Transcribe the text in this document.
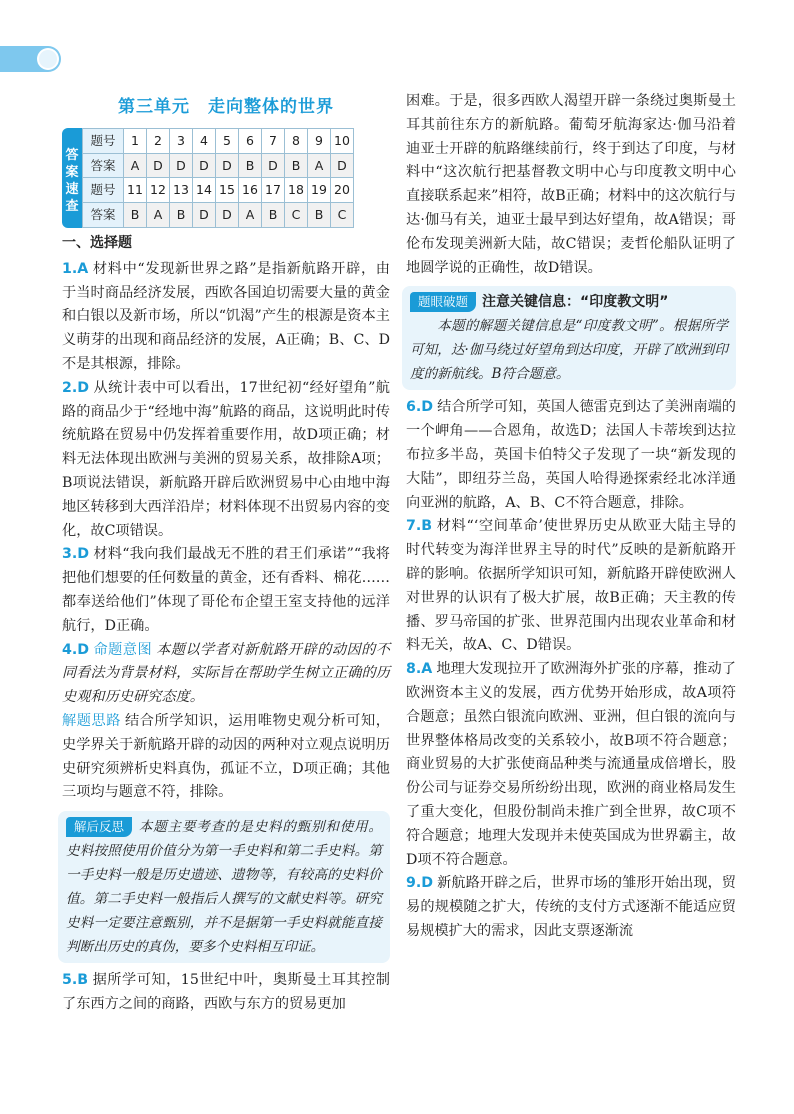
第三单元 走向整体的世界
答
案
速
查
题号	1	2	3	4	5	6	7	8	9	10
答案	A	D	D	D	D	B	D	B	A	D
题号	11	12	13	14	15	16	17	18	19	20
答案	B	A	B	D	D	A	B	C	B	C
一、选择题

1.A 材料中“发现新世界之路”是指新航路开辟，由于当时商品经济发展，西欧各国迫切需要大量的黄金和白银以及新市场，所以“饥渴”产生的根源是资本主义萌芽的出现和商品经济的发展，A正确；B、C、D不是其根源，排除。

2.D 从统计表中可以看出，17世纪初“经好望角”航路的商品少于“经地中海”航路的商品，这说明此时传统航路在贸易中仍发挥着重要作用，故D项正确；材料无法体现出欧洲与美洲的贸易关系，故排除A项；B项说法错误，新航路开辟后欧洲贸易中心由地中海地区转移到大西洋沿岸；材料体现不出贸易内容的变化，故C项错误。

3.D 材料“我向我们最战无不胜的君王们承诺”“我将把他们想要的任何数量的黄金，还有香料、棉花……都奉送给他们”体现了哥伦布企望王室支持他的远洋航行，D正确。

4.D 命题意图 本题以学者对新航路开辟的动因的不同看法为背景材料，实际旨在帮助学生树立正确的历史观和历史研究态度。

解题思路 结合所学知识，运用唯物史观分析可知，史学界关于新航路开辟的动因的两种对立观点说明历史研究须辨析史料真伪，孤证不立，D项正确；其他三项均与题意不符，排除。

解后反思 本题主要考查的是史料的甄别和使用。史料按照使用价值分为第一手史料和第二手史料。第一手史料一般是历史遗迹、遗物等，有较高的史料价值。第二手史料一般指后人撰写的文献史料等。研究史料一定要注意甄别，并不是据第一手史料就能直接判断出历史的真伪，要多个史料相互印证。

5.B 据所学可知，15世纪中叶，奥斯曼土耳其控制了东西方之间的商路，西欧与东方的贸易更加

困难。于是，很多西欧人渴望开辟一条绕过奥斯曼土耳其前往东方的新航路。葡萄牙航海家达·伽马沿着迪亚士开辟的航路继续前行，终于到达了印度，与材料中“这次航行把基督教文明中心与印度教文明中心直接联系起来”相符，故B正确；材料中的这次航行与达·伽马有关，迪亚士最早到达好望角，故A错误；哥伦布发现美洲新大陆，故C错误；麦哲伦船队证明了地圆学说的正确性，故D错误。

题眼破题 注意关键信息：“印度教文明”
本题的解题关键信息是“印度教文明”。根据所学可知，达·伽马绕过好望角到达印度，开辟了欧洲到印度的新航线。B符合题意。

6.D 结合所学可知，英国人德雷克到达了美洲南端的一个岬角——合恩角，故选D；法国人卡蒂埃到达拉布拉多半岛，英国卡伯特父子发现了一块“新发现的大陆”，即纽芬兰岛，英国人哈得逊探索经北冰洋通向亚洲的航路，A、B、C不符合题意，排除。

7.B 材料“‘空间革命’使世界历史从欧亚大陆主导的时代转变为海洋世界主导的时代”反映的是新航路开辟的影响。依据所学知识可知，新航路开辟使欧洲人对世界的认识有了极大扩展，故B正确；天主教的传播、罗马帝国的扩张、世界范围内出现农业革命和材料无关，故A、C、D错误。

8.A 地理大发现拉开了欧洲海外扩张的序幕，推动了欧洲资本主义的发展，西方优势开始形成，故A项符合题意；虽然白银流向欧洲、亚洲，但白银的流向与世界整体格局改变的关系较小，故B项不符合题意；商业贸易的大扩张使商品种类与流通量成倍增长，股份公司与证券交易所纷纷出现，欧洲的商业格局发生了重大变化，但股份制尚未推广到全世界，故C项不符合题意；地理大发现并未使英国成为世界霸主，故D项不符合题意。

9.D 新航路开辟之后，世界市场的雏形开始出现，贸易的规模随之扩大，传统的支付方式逐渐不能适应贸易规模扩大的需求，因此支票逐渐流
